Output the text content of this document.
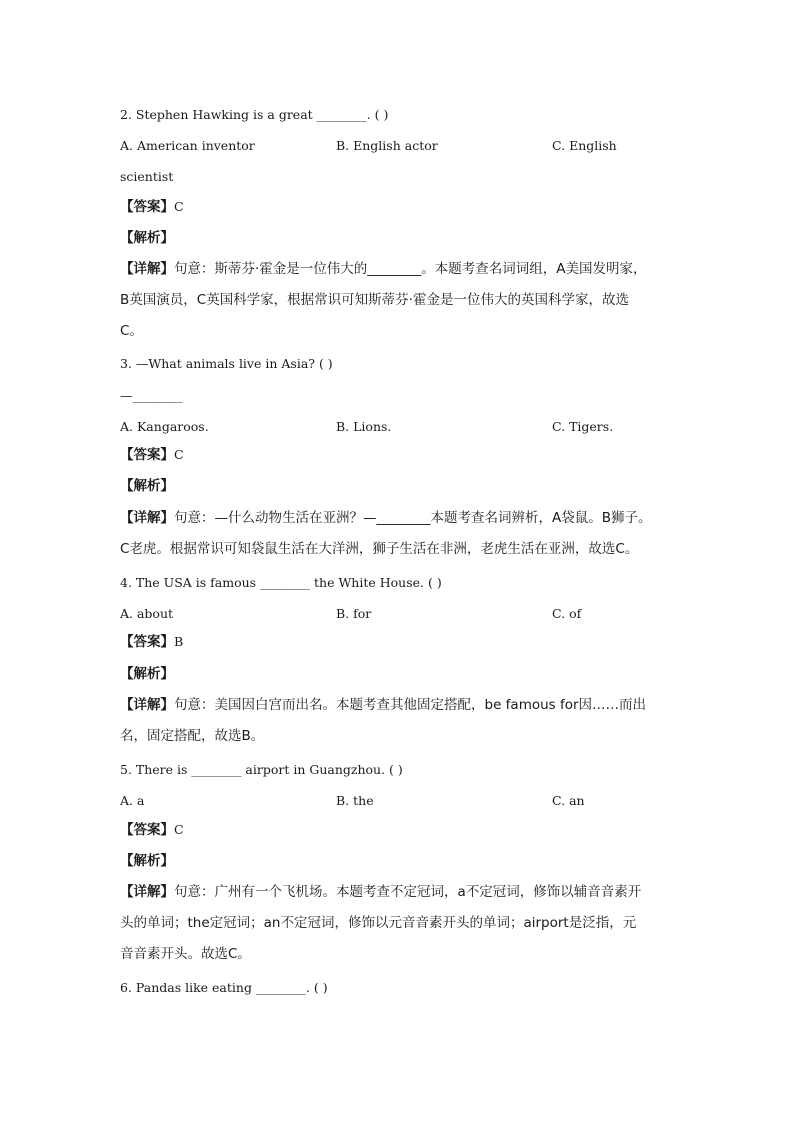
2. Stephen Hawking is a great ________. ( )
A. American inventor	B. English actor	C. English
scientist
【答案】C
【解析】
【详解】句意：斯蒂芬·霍金是一位伟大的________。本题考查名词词组，A美国发明家，
B英国演员，C英国科学家，根据常识可知斯蒂芬·霍金是一位伟大的英国科学家，故选
C。
3. —What animals live in Asia? ( )
—________
A. Kangaroos.	B. Lions.	C. Tigers.
【答案】C
【解析】
【详解】句意：—什么动物生活在亚洲？—________本题考查名词辨析，A袋鼠。B狮子。
C老虎。根据常识可知袋鼠生活在大洋洲，狮子生活在非洲，老虎生活在亚洲，故选C。
4. The USA is famous ________ the White House. ( )
A. about	B. for	C. of
【答案】B
【解析】
【详解】句意：美国因白宫而出名。本题考查其他固定搭配，be famous for因……而出
名，固定搭配，故选B。
5. There is ________ airport in Guangzhou. ( )
A. a	B. the	C. an
【答案】C
【解析】
【详解】句意：广州有一个飞机场。本题考查不定冠词，a不定冠词，修饰以辅音音素开
头的单词；the定冠词；an不定冠词，修饰以元音音素开头的单词；airport是泛指，元
音音素开头。故选C。
6. Pandas like eating ________. ( )
